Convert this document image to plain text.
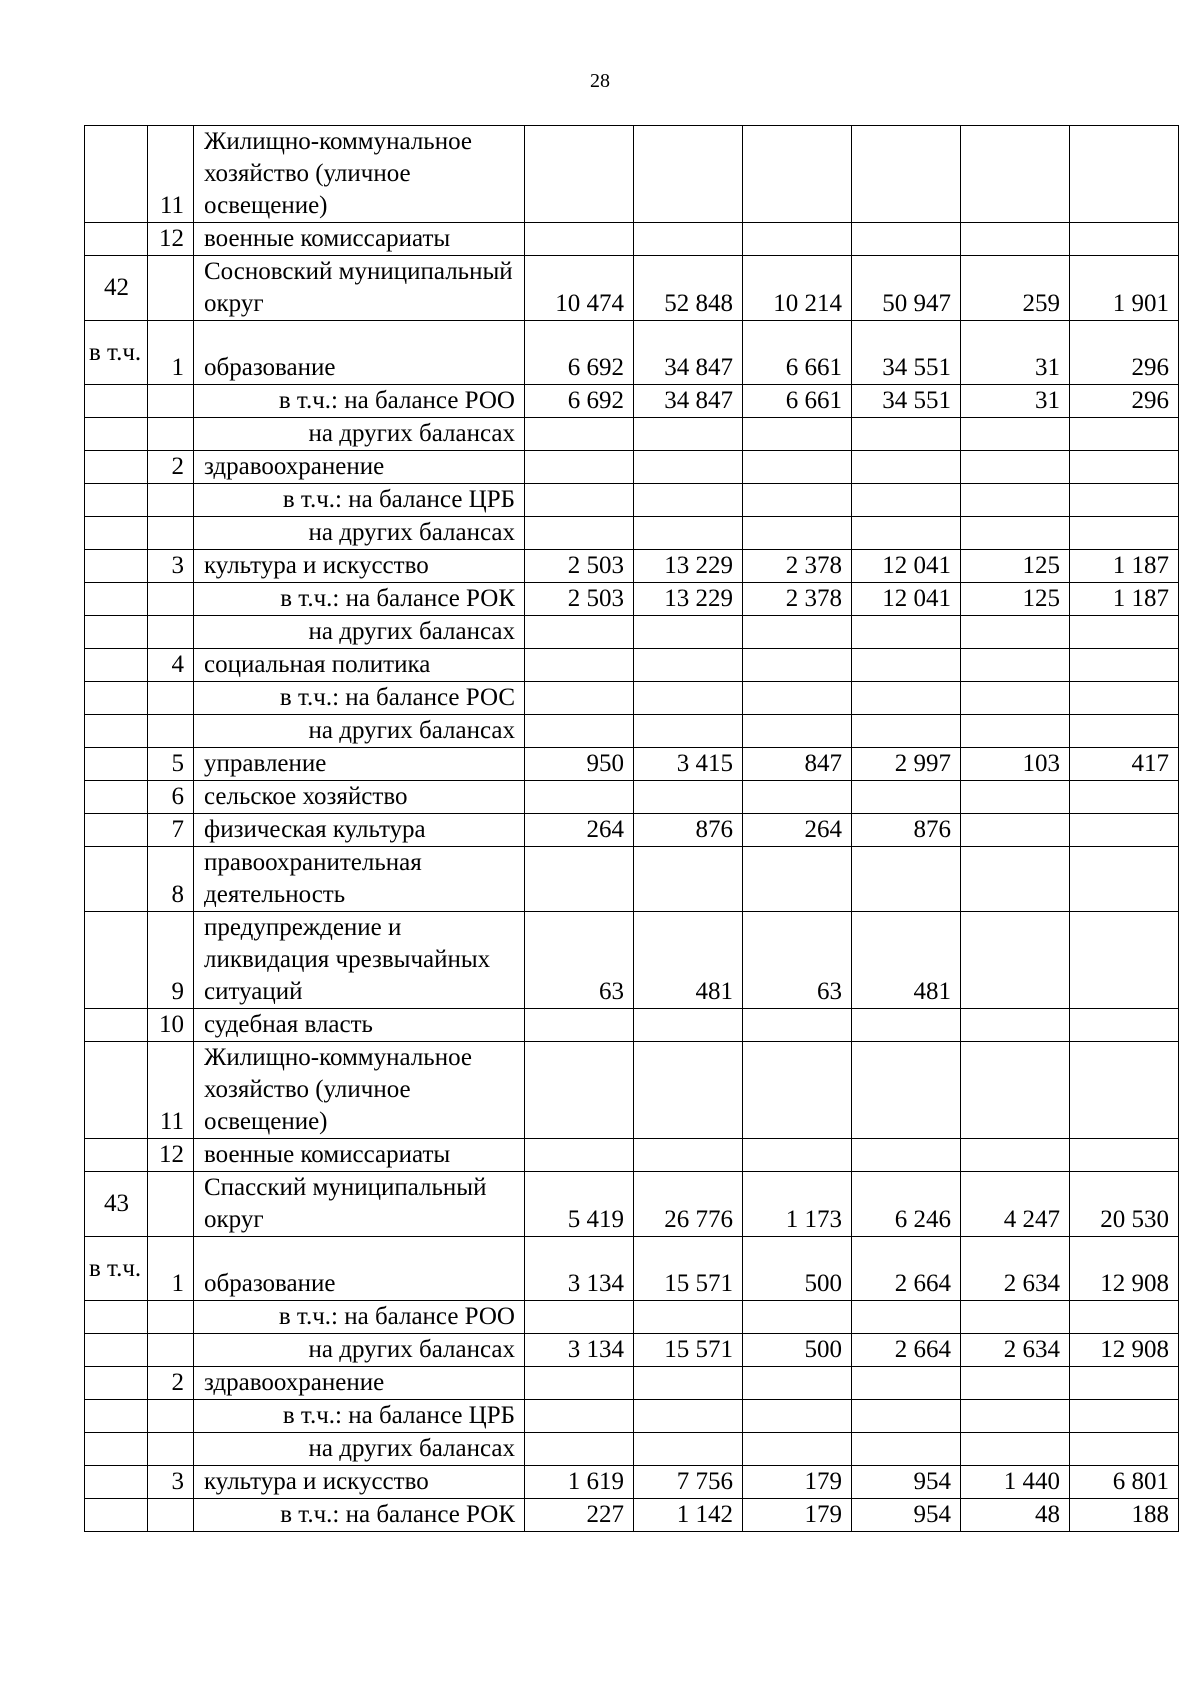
28
	11	Жилищно-коммунальное хозяйство (уличное освещение)						
	12	военные комиссариаты						
42		Сосновский муниципальный округ	10 474	52 848	10 214	50 947	259	1 901
в т.ч.	1	образование	6 692	34 847	6 661	34 551	31	296
		в т.ч.: на балансе РОО	6 692	34 847	6 661	34 551	31	296
		на других балансах						
	2	здравоохранение						
		в т.ч.: на балансе ЦРБ						
		на других балансах						
	3	культура и искусство	2 503	13 229	2 378	12 041	125	1 187
		в т.ч.: на балансе РОК	2 503	13 229	2 378	12 041	125	1 187
		на других балансах						
	4	социальная политика						
		в т.ч.: на балансе РОС						
		на других балансах						
	5	управление	950	3 415	847	2 997	103	417
	6	сельское хозяйство						
	7	физическая культура	264	876	264	876		
	8	правоохранительная деятельность						
	9	предупреждение и ликвидация чрезвычайных ситуаций	63	481	63	481		
	10	судебная власть						
	11	Жилищно-коммунальное хозяйство (уличное освещение)						
	12	военные комиссариаты						
43		Спасский муниципальный округ	5 419	26 776	1 173	6 246	4 247	20 530
в т.ч.	1	образование	3 134	15 571	500	2 664	2 634	12 908
		в т.ч.: на балансе РОО						
		на других балансах	3 134	15 571	500	2 664	2 634	12 908
	2	здравоохранение						
		в т.ч.: на балансе ЦРБ						
		на других балансах						
	3	культура и искусство	1 619	7 756	179	954	1 440	6 801
		в т.ч.: на балансе РОК	227	1 142	179	954	48	188
